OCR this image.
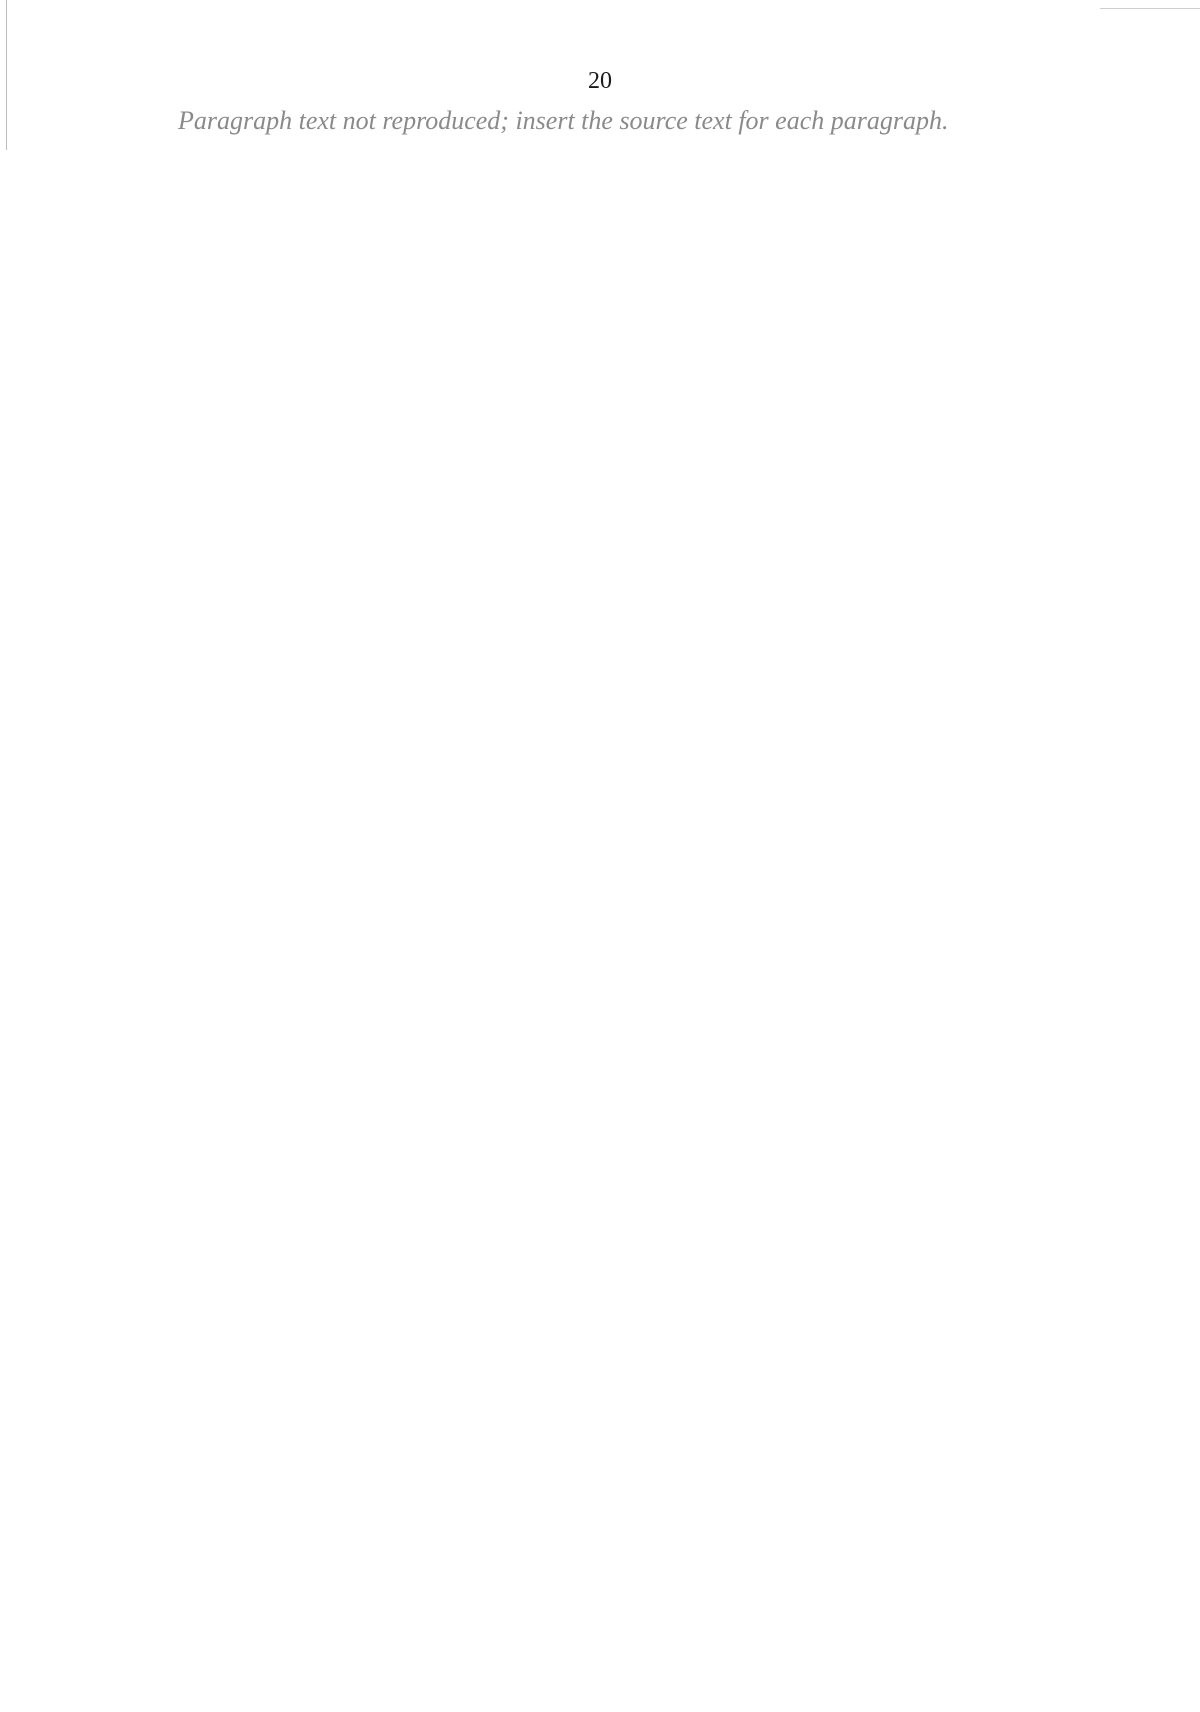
20

Paragraph text not reproduced; insert the source text for each paragraph.
